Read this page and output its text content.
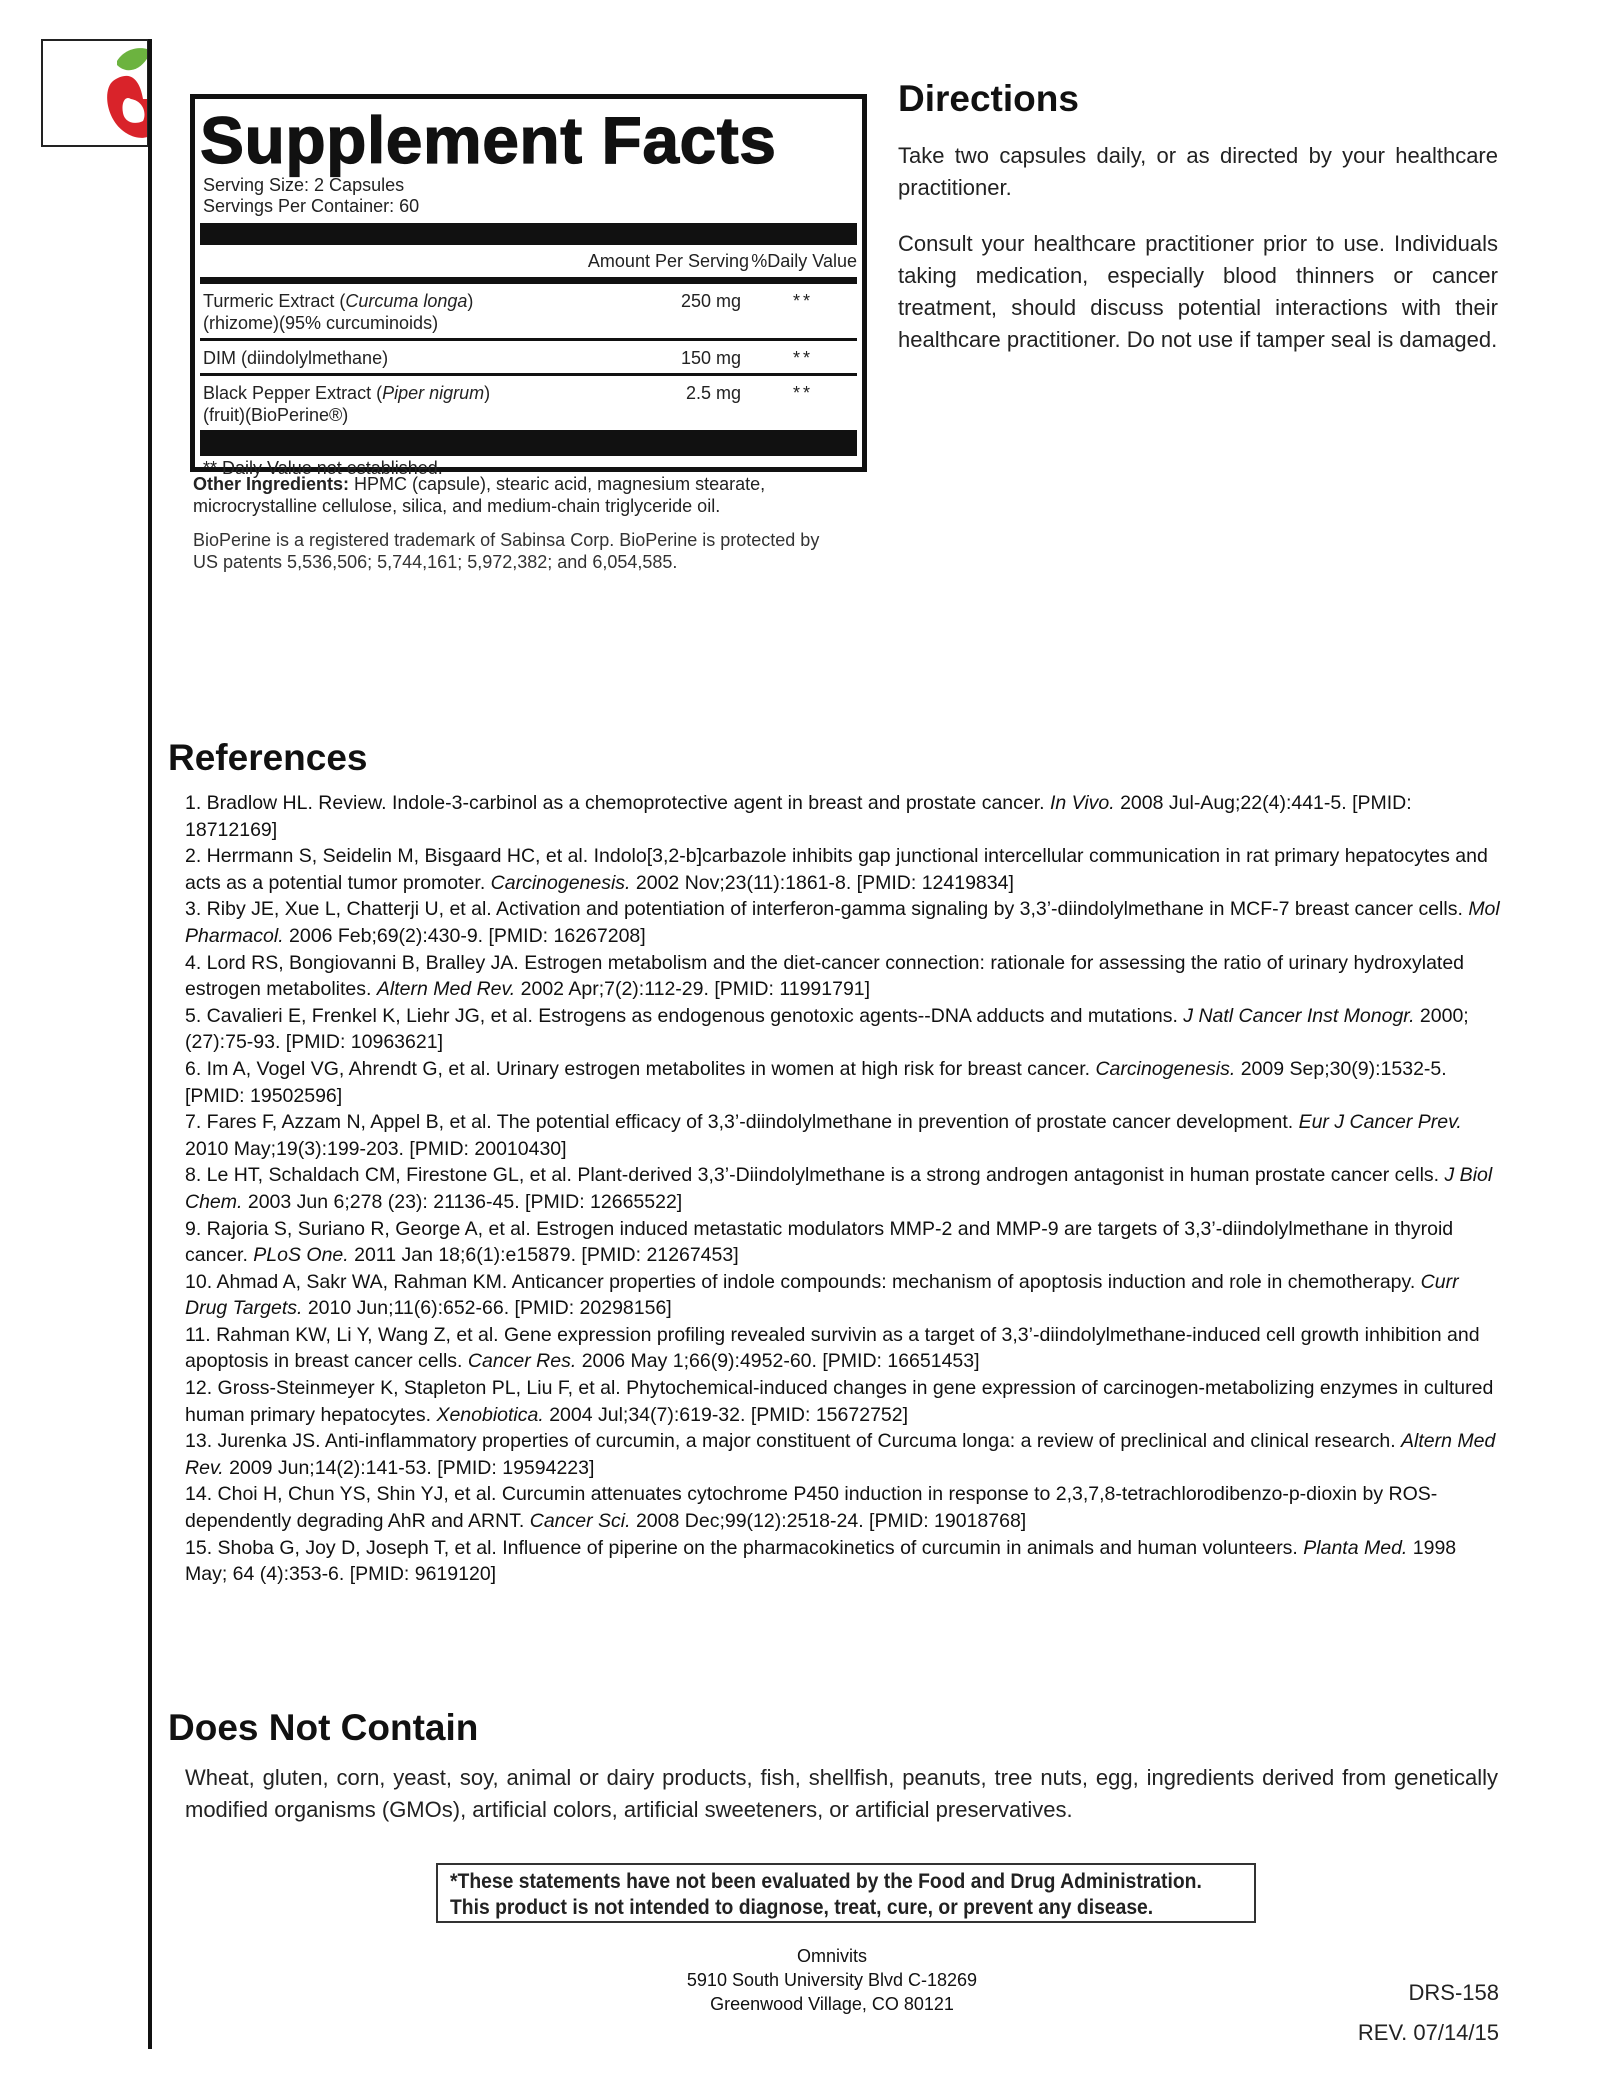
Supplement Facts
Serving Size: 2 Capsules
Servings Per Container: 60
Amount Per Serving %Daily Value
Turmeric Extract (Curcuma longa)
(rhizome)(95% curcuminoids)
250 mg	**
DIM (diindolylmethane)	150 mg	**
Black Pepper Extract (Piper nigrum)
(fruit)(BioPerine®)
2.5 mg	**
** Daily Value not established.
Other Ingredients: HPMC (capsule), stearic acid, magnesium stearate, microcrystalline cellulose, silica, and medium-chain triglyceride oil.
BioPerine is a registered trademark of Sabinsa Corp. BioPerine is protected by US patents 5,536,506; 5,744,161; 5,972,382; and 6,054,585.
Directions

Take two capsules daily, or as directed by your healthcare practitioner.

Consult your healthcare practitioner prior to use. Individuals taking medication, especially blood thinners or cancer treatment, should discuss potential interactions with their healthcare practitioner. Do not use if tamper seal is damaged.

References
1. Bradlow HL. Review. Indole-3-carbinol as a chemoprotective agent in breast and prostate cancer. In Vivo. 2008 Jul-Aug;22(4):441-5. [PMID: 18712169]
2. Herrmann S, Seidelin M, Bisgaard HC, et al. Indolo[3,2-b]carbazole inhibits gap junctional intercellular communication in rat primary hepatocytes and acts as a potential tumor promoter. Carcinogenesis. 2002 Nov;23(11):1861-8. [PMID: 12419834]
3. Riby JE, Xue L, Chatterji U, et al. Activation and potentiation of interferon-gamma signaling by 3,3’-diindolylmethane in MCF-7 breast cancer cells. Mol Pharmacol. 2006 Feb;69(2):430-9. [PMID: 16267208]
4. Lord RS, Bongiovanni B, Bralley JA. Estrogen metabolism and the diet-cancer connection: rationale for assessing the ratio of urinary hydroxylated estrogen metabolites. Altern Med Rev. 2002 Apr;7(2):112-29. [PMID: 11991791]
5. Cavalieri E, Frenkel K, Liehr JG, et al. Estrogens as endogenous genotoxic agents--DNA adducts and mutations. J Natl Cancer Inst Monogr. 2000;(27):75-93. [PMID: 10963621]
6. Im A, Vogel VG, Ahrendt G, et al. Urinary estrogen metabolites in women at high risk for breast cancer. Carcinogenesis. 2009 Sep;30(9):1532-5. [PMID: 19502596]
7. Fares F, Azzam N, Appel B, et al. The potential efficacy of 3,3’-diindolylmethane in prevention of prostate cancer development. Eur J Cancer Prev. 2010 May;19(3):199-203. [PMID: 20010430]
8. Le HT, Schaldach CM, Firestone GL, et al. Plant-derived 3,3’-Diindolylmethane is a strong androgen antagonist in human prostate cancer cells. J Biol Chem. 2003 Jun 6;278 (23): 21136-45. [PMID: 12665522]
9. Rajoria S, Suriano R, George A, et al. Estrogen induced metastatic modulators MMP-2 and MMP-9 are targets of 3,3’-diindolylmethane in thyroid cancer. PLoS One. 2011 Jan 18;6(1):e15879. [PMID: 21267453]
10. Ahmad A, Sakr WA, Rahman KM. Anticancer properties of indole compounds: mechanism of apoptosis induction and role in chemotherapy. Curr Drug Targets. 2010 Jun;11(6):652-66. [PMID: 20298156]
11. Rahman KW, Li Y, Wang Z, et al. Gene expression profiling revealed survivin as a target of 3,3’-diindolylmethane-induced cell growth inhibition and apoptosis in breast cancer cells. Cancer Res. 2006 May 1;66(9):4952-60. [PMID: 16651453]
12. Gross-Steinmeyer K, Stapleton PL, Liu F, et al. Phytochemical-induced changes in gene expression of carcinogen-metabolizing enzymes in cultured human primary hepatocytes. Xenobiotica. 2004 Jul;34(7):619-32. [PMID: 15672752]
13. Jurenka JS. Anti-inflammatory properties of curcumin, a major constituent of Curcuma longa: a review of preclinical and clinical research. Altern Med Rev. 2009 Jun;14(2):141-53. [PMID: 19594223]
14. Choi H, Chun YS, Shin YJ, et al. Curcumin attenuates cytochrome P450 induction in response to 2,3,7,8-tetrachlorodibenzo-p-dioxin by ROS-dependently degrading AhR and ARNT. Cancer Sci. 2008 Dec;99(12):2518-24. [PMID: 19018768]
15. Shoba G, Joy D, Joseph T, et al. Influence of piperine on the pharmacokinetics of curcumin in animals and human volunteers. Planta Med. 1998 May; 64 (4):353-6. [PMID: 9619120]
Does Not Contain

Wheat, gluten, corn, yeast, soy, animal or dairy products, fish, shellfish, peanuts, tree nuts, egg, ingredients derived from genetically modified organisms (GMOs), artificial colors, artificial sweeteners, or artificial preservatives.

*These statements have not been evaluated by the Food and Drug Administration.
This product is not intended to diagnose, treat, cure, or prevent any disease.
Omnivits
5910 South University Blvd C-18269
Greenwood Village, CO 80121	DRS-158
REV. 07/14/15
